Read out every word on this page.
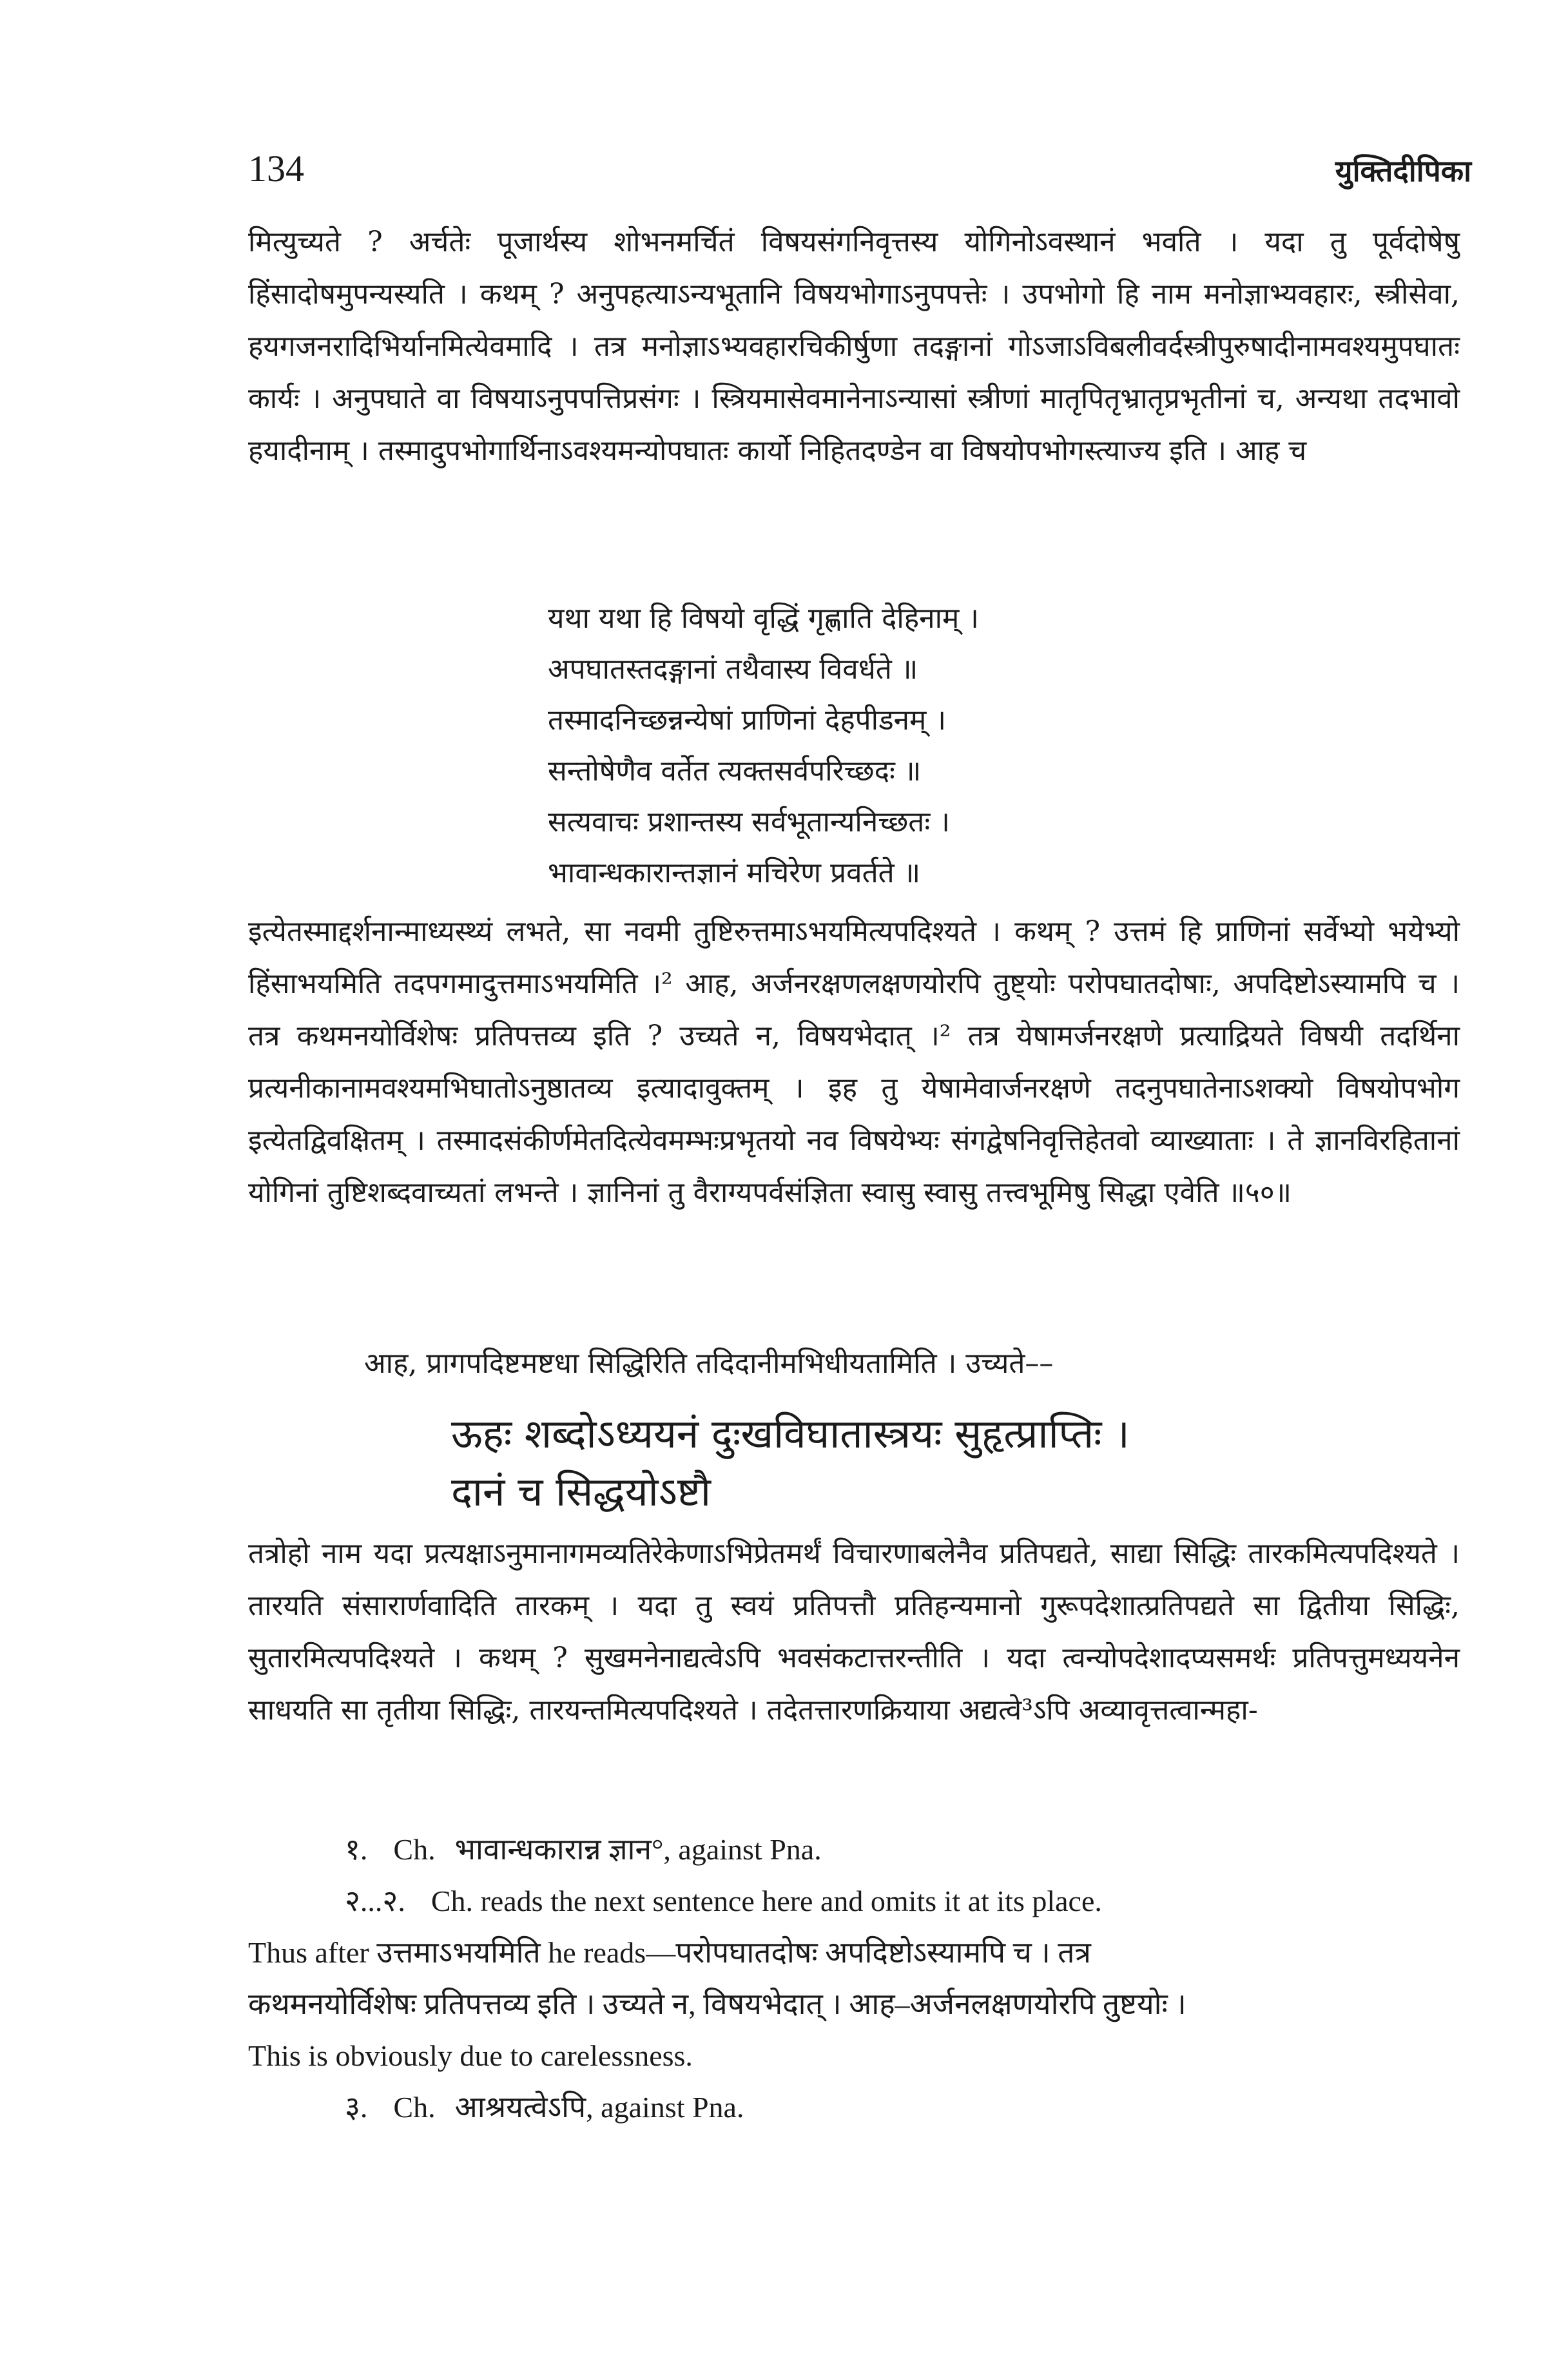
134	युक्तिदीपिका

मित्युच्यते ? अर्चतेः पूजार्थस्य शोभनमर्चितं विषयसंगनिवृत्तस्य योगिनोऽवस्थानं भवति । यदा तु पूर्वदोषेषु हिंसादोषमुपन्यस्यति । कथम् ? अनुपहत्याऽन्यभूतानि विषयभोगाऽनुपपत्तेः । उपभोगो हि नाम मनोज्ञाभ्यवहारः, स्त्रीसेवा, हयगजनरादिभिर्यानमित्येवमादि । तत्र मनोज्ञाऽभ्यवहारचिकीर्षुणा तदङ्गानां गोऽजाऽविबलीवर्दस्त्रीपुरुषादीनामवश्यमुपघातः कार्यः । अनुपघाते वा विषयाऽनुपपत्तिप्रसंगः । स्त्रियमासेवमानेनाऽन्यासां स्त्रीणां मातृपितृभ्रातृप्रभृतीनां च, अन्यथा तदभावो हयादीनाम् । तस्मादुपभोगार्थिनाऽवश्यमन्योपघातः कार्यो निहितदण्डेन वा विषयोपभोगस्त्याज्य इति । आह च

यथा यथा हि विषयो वृद्धिं गृह्णाति देहिनाम् ।
अपघातस्तदङ्गानां तथैवास्य विवर्धते ॥
तस्मादनिच्छन्नन्येषां प्राणिनां देहपीडनम् ।
सन्तोषेणैव वर्तेत त्यक्तसर्वपरिच्छदः ॥
सत्यवाचः प्रशान्तस्य सर्वभूतान्यनिच्छतः ।
भावान्धकारान्तज्ञानं मचिरेण प्रवर्तते ॥

इत्येतस्माद्दर्शनान्माध्यस्थ्यं लभते, सा नवमी तुष्टिरुत्तमाऽभयमित्यपदिश्यते । कथम् ? उत्तमं हि प्राणिनां सर्वेभ्यो भयेभ्यो हिंसाभयमिति तदपगमादुत्तमाऽभयमिति ।² आह, अर्जनरक्षणलक्षणयोरपि तुष्ट्योः परोपघातदोषाः, अपदिष्टोऽस्यामपि च । तत्र कथमनयोर्विशेषः प्रतिपत्तव्य इति ? उच्यते न, विषयभेदात् ।² तत्र येषामर्जनरक्षणे प्रत्याद्रियते विषयी तदर्थिना प्रत्यनीकानामवश्यमभिघातोऽनुष्ठातव्य इत्यादावुक्तम् । इह तु येषामेवार्जनरक्षणे तदनुपघातेनाऽशक्यो विषयोपभोग इत्येतद्विवक्षितम् । तस्मादसंकीर्णमेतदित्येवमम्भःप्रभृतयो नव विषयेभ्यः संगद्वेषनिवृत्तिहेतवो व्याख्याताः । ते ज्ञानविरहितानां योगिनां तुष्टिशब्दवाच्यतां लभन्ते । ज्ञानिनां तु वैराग्यपर्वसंज्ञिता स्वासु स्वासु तत्त्वभूमिषु सिद्धा एवेति ॥५०॥

आह, प्रागपदिष्टमष्टधा सिद्धिरिति तदिदानीमभिधीयतामिति । उच्यते––

ऊहः शब्दोऽध्ययनं दुःखविघातास्त्रयः सुहृत्प्राप्तिः ।
दानं च सिद्धयोऽष्टौ

तत्रोहो नाम यदा प्रत्यक्षाऽनुमानागमव्यतिरेकेणाऽभिप्रेतमर्थं विचारणाबलेनैव प्रतिपद्यते, साद्या सिद्धिः तारकमित्यपदिश्यते । तारयति संसारार्णवादिति तारकम् । यदा तु स्वयं प्रतिपत्तौ प्रतिहन्यमानो गुरूपदेशात्प्रतिपद्यते सा द्वितीया सिद्धिः, सुतारमित्यपदिश्यते । कथम् ? सुखमनेनाद्यत्वेऽपि भवसंकटात्तरन्तीति । यदा त्वन्योपदेशादप्यसमर्थः प्रतिपत्तुमध्ययनेन साधयति सा तृतीया सिद्धिः, तारयन्तमित्यपदिश्यते । तदेतत्तारणक्रियाया अद्यत्वे³ऽपि अव्यावृत्तत्वान्महा-

१. Ch. भावान्धकारान्न ज्ञान°, against Pna.

२...२. Ch. reads the next sentence here and omits it at its place.

Thus after उत्तमाऽभयमिति he reads—परोपघातदोषः अपदिष्टोऽस्यामपि च । तत्र

कथमनयोर्विशेषः प्रतिपत्तव्य इति । उच्यते न, विषयभेदात् । आह–अर्जनलक्षणयोरपि तुष्टयोः ।

This is obviously due to carelessness.

३. Ch. आश्रयत्वेऽपि, against Pna.
